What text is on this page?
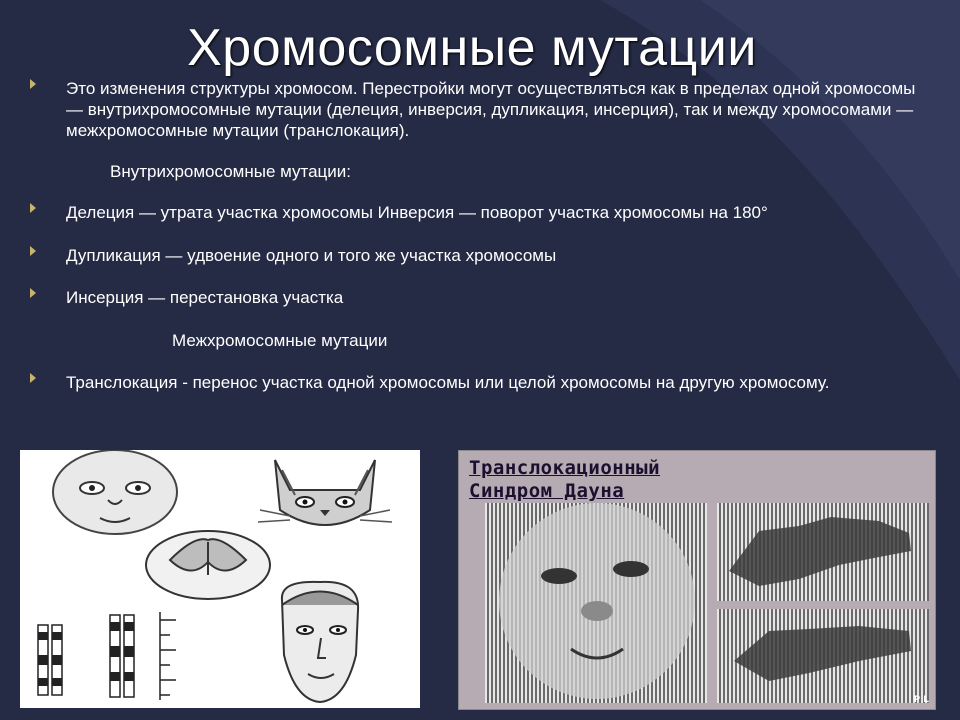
Хромосомные мутации
Это изменения структуры хромосом. Перестройки могут осуществляться как в пределах одной хромосомы — внутрихромосомные мутации (делеция, инверсия, дупликация, инсерция), так и между хромосомами — межхромосомные мутации (транслокация).
Внутрихромосомные мутации:
Делеция — утрата участка хромосомы Инверсия — поворот участка хромосомы на 180°
Дупликация — удвоение одного и того же участка хромосомы
Инсерция — перестановка участка
Межхромосомные мутации
Транслокация - перенос участка одной хромосомы или целой хромосомы на другую хромосому.
Транслокационный
Синдром Дауна
P L
